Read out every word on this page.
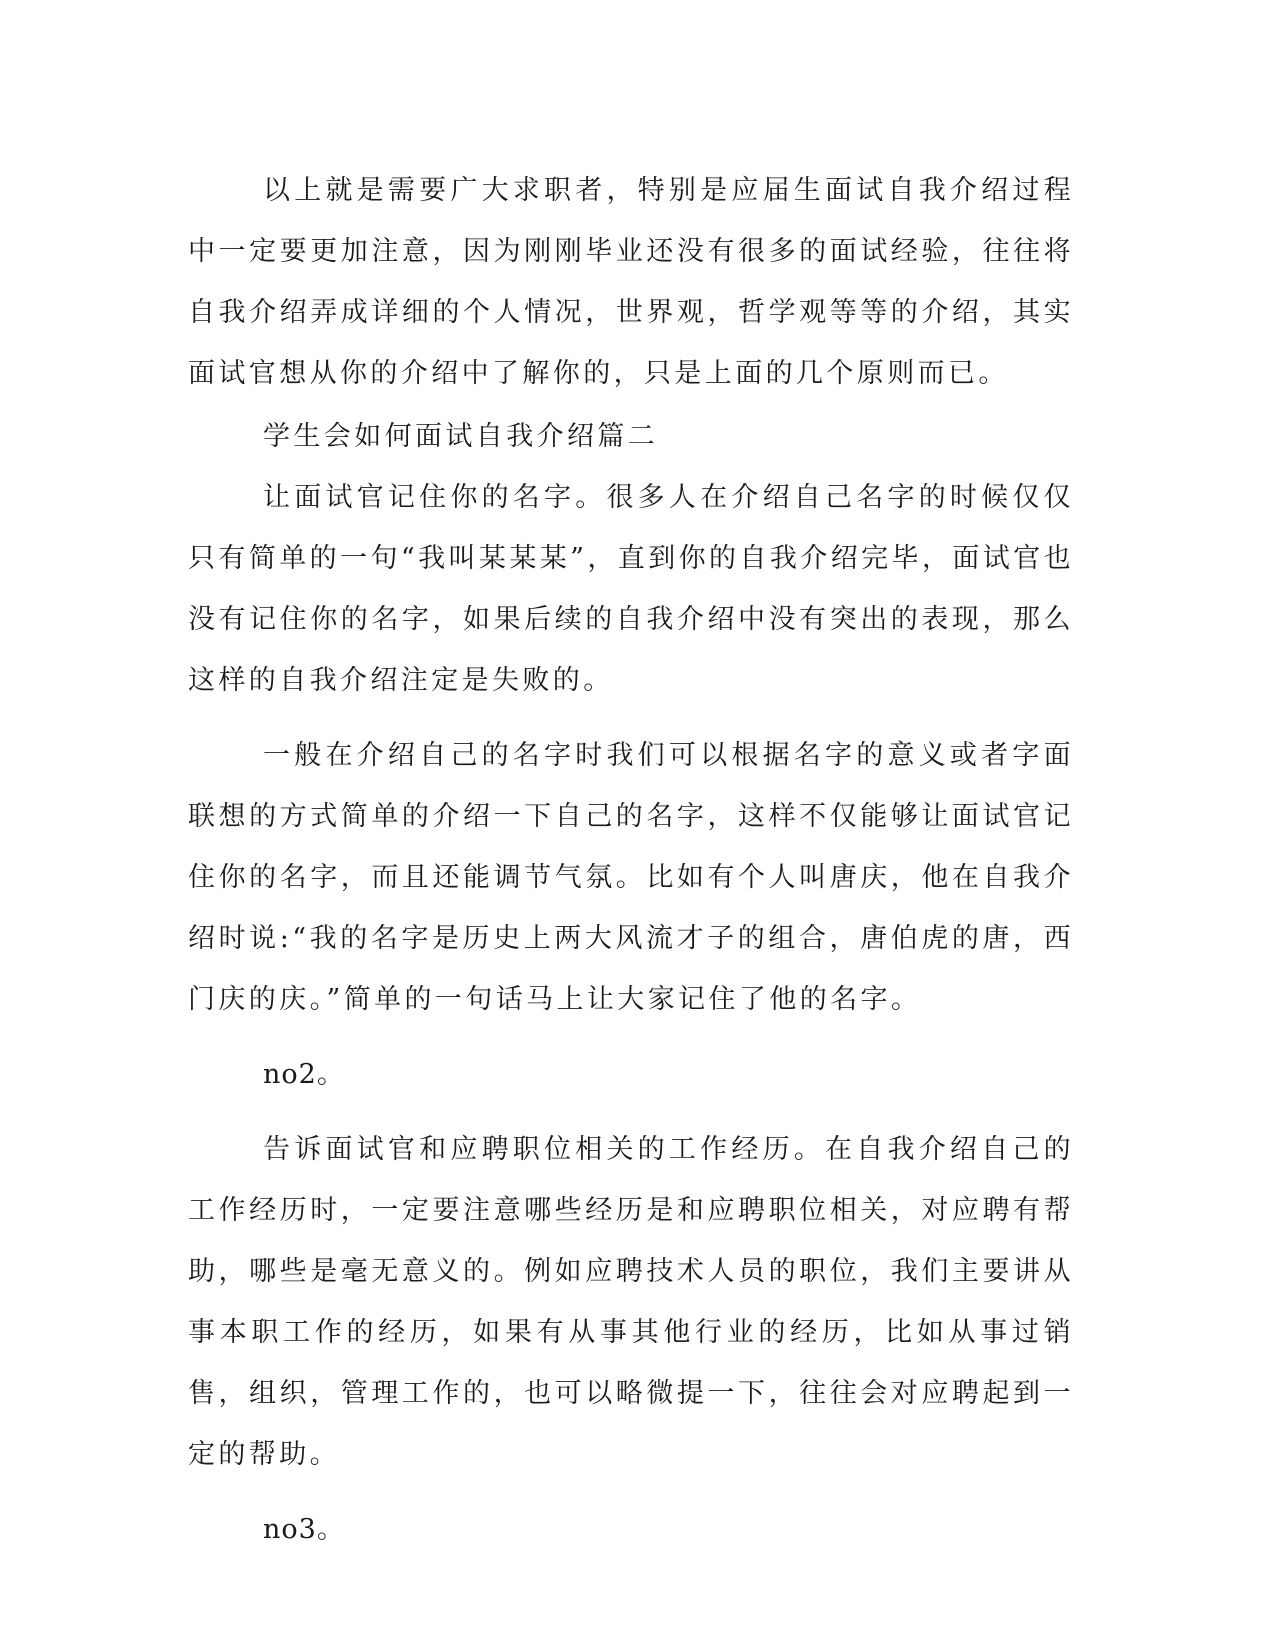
以上就是需要广大求职者，特别是应届生面试自我介绍过程中一定要更加注意，因为刚刚毕业还没有很多的面试经验，往往将自我介绍弄成详细的个人情况，世界观，哲学观等等的介绍，其实面试官想从你的介绍中了解你的，只是上面的几个原则而已。

学生会如何面试自我介绍篇二

让面试官记住你的名字。很多人在介绍自己名字的时候仅仅只有简单的一句“我叫某某某”，直到你的自我介绍完毕，面试官也没有记住你的名字，如果后续的自我介绍中没有突出的表现，那么这样的自我介绍注定是失败的。

一般在介绍自己的名字时我们可以根据名字的意义或者字面联想的方式简单的介绍一下自己的名字，这样不仅能够让面试官记住你的名字，而且还能调节气氛。比如有个人叫唐庆，他在自我介绍时说:“我的名字是历史上两大风流才子的组合，唐伯虎的唐，西门庆的庆。”简单的一句话马上让大家记住了他的名字。

no2。

告诉面试官和应聘职位相关的工作经历。在自我介绍自己的工作经历时，一定要注意哪些经历是和应聘职位相关，对应聘有帮助，哪些是毫无意义的。例如应聘技术人员的职位，我们主要讲从事本职工作的经历，如果有从事其他行业的经历，比如从事过销售，组织，管理工作的，也可以略微提一下，往往会对应聘起到一定的帮助。

no3。
